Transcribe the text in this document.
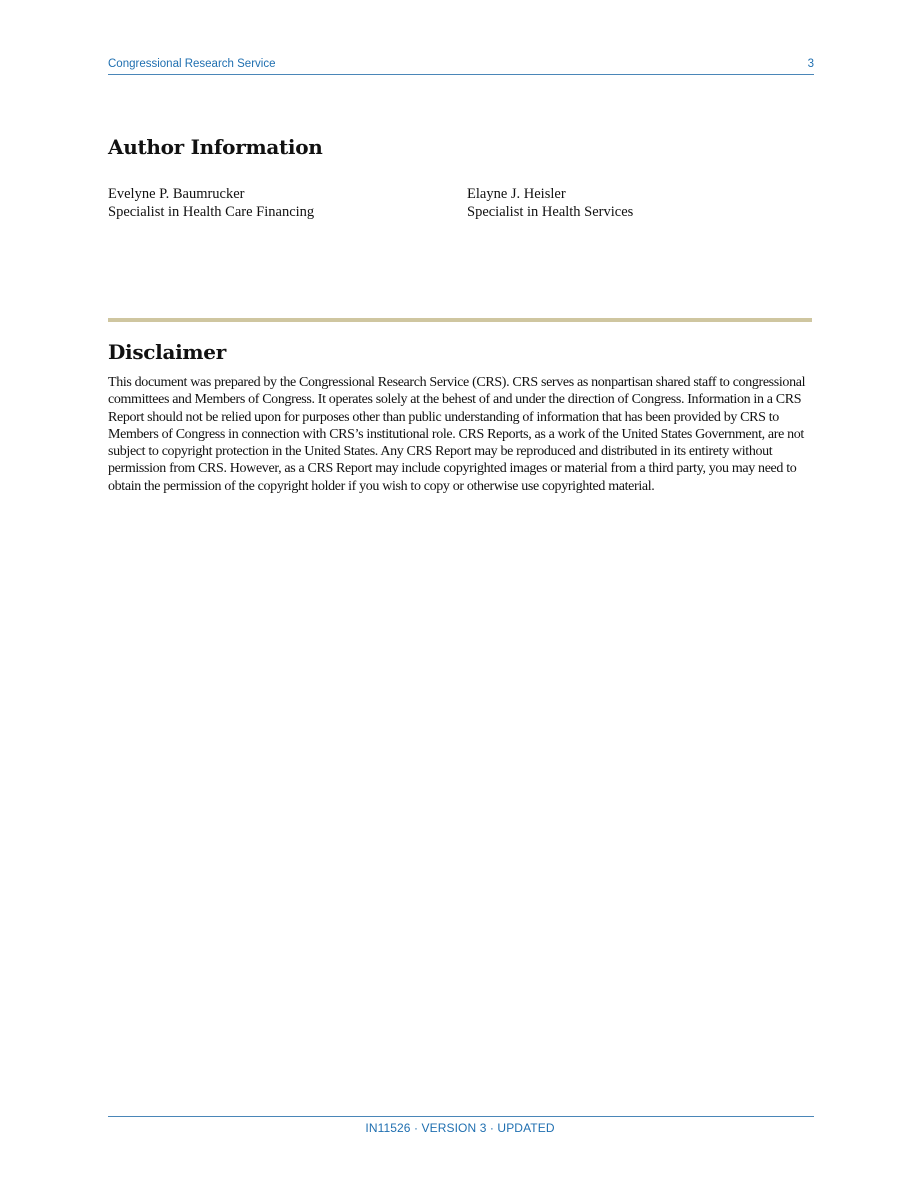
Congressional Research Service	3
Author Information
Evelyne P. Baumrucker
Specialist in Health Care Financing
Elayne J. Heisler
Specialist in Health Services
Disclaimer

This document was prepared by the Congressional Research Service (CRS). CRS serves as nonpartisan shared staff to congressional committees and Members of Congress. It operates solely at the behest of and under the direction of Congress. Information in a CRS Report should not be relied upon for purposes other than public understanding of information that has been provided by CRS to Members of Congress in connection with CRS’s institutional role. CRS Reports, as a work of the United States Government, are not subject to copyright protection in the United States. Any CRS Report may be reproduced and distributed in its entirety without permission from CRS. However, as a CRS Report may include copyrighted images or material from a third party, you may need to obtain the permission of the copyright holder if you wish to copy or otherwise use copyrighted material.

IN11526 · VERSION 3 · UPDATED
